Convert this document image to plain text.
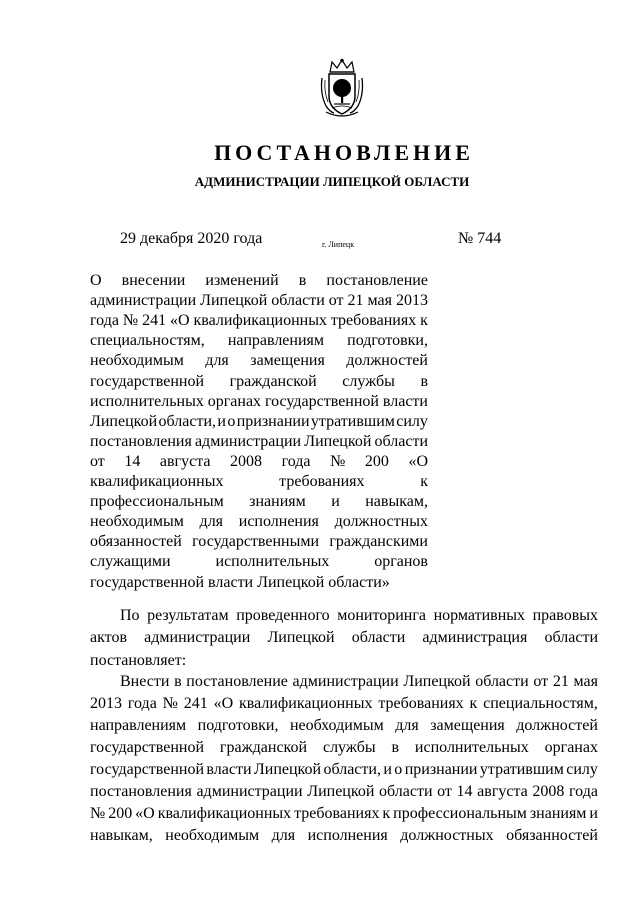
ПОСТАНОВЛЕНИЕ
АДМИНИСТРАЦИИ ЛИПЕЦКОЙ ОБЛАСТИ
29 декабря 2020 года	г. Липецк	№ 744
О внесении изменений в постановление
администрации Липецкой области от 21 мая 2013
года № 241 «О квалификационных требованиях к
специальностям, направлениям подготовки,
необходимым для замещения должностей
государственной гражданской службы в
исполнительных органах государственной власти
Липецкой области, и о признании утратившим силу
постановления администрации Липецкой области
от 14 августа 2008 года № 200 «О
квалификационных	требованиях	к
профессиональным знаниям и навыкам,
необходимым для исполнения должностных
обязанностей государственными гражданскими
служащими	исполнительных	органов
государственной власти Липецкой области»
По результатам проведенного мониторинга нормативных правовых
актов администрации Липецкой области администрация области
постановляет:
Внести в постановление администрации Липецкой области от 21 мая
2013 года № 241 «О квалификационных требованиях к специальностям,
направлениям подготовки, необходимым для замещения должностей
государственной гражданской службы в исполнительных органах
государственной власти Липецкой области, и о признании утратившим силу
постановления администрации Липецкой области от 14 августа 2008 года
№ 200 «О квалификационных требованиях к профессиональным знаниям и
навыкам, необходимым для исполнения должностных обязанностей
